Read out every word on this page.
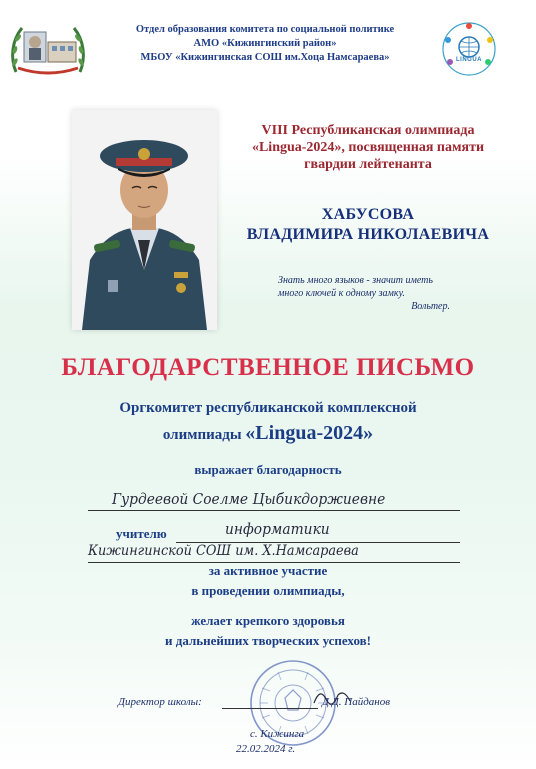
Отдел образования комитета по социальной политике
АМО «Кижингинский район»
МБОУ «Кижингинская СОШ им.Хоца Намсараева»	LINGUA
VIII Республиканская олимпиада
«Lingua-2024», посвященная памяти
гвардии лейтенанта
ХАБУСОВА
ВЛАДИМИРА НИКОЛАЕВИЧА
Знать много языков - значит иметь
много ключей к одному замку.
Вольтер.
БЛАГОДАРСТВЕННОЕ ПИСЬМО
Оргкомитет республиканской комплексной
олимпиады «Lingua-2024»
выражает благодарность
Гурдеевой Соелме Цыбикдоржиевне
учителю	информатики
Кижингинской СОШ им. Х.Намсараева
за активное участие
в проведении олимпиады,
желает крепкого здоровья
и дальнейших творческих успехов!
Директор школы:	Д.Д. Пайданов
с. Кижинга
22.02.2024 г.
